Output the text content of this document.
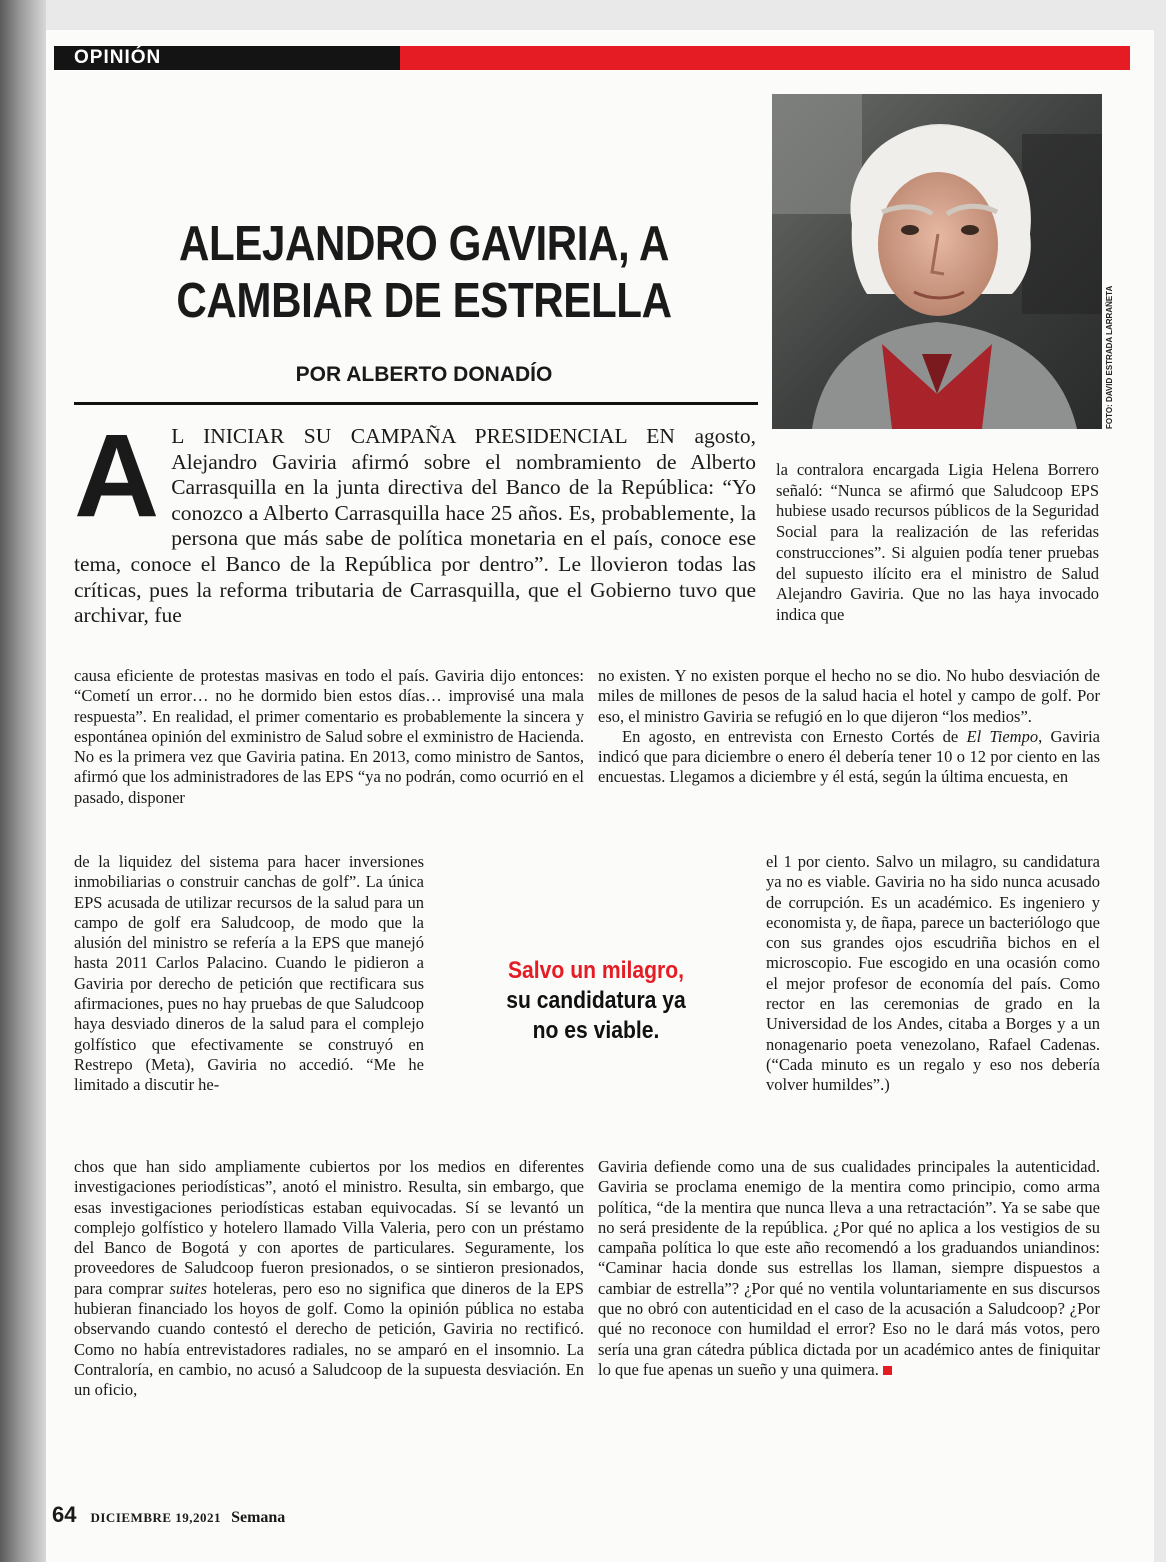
OPINIÓN
FOTO: DAVID ESTRADA LARRAÑETA
ALEJANDRO GAVIRIA, A
CAMBIAR DE ESTRELLA

POR ALBERTO DONADÍO

A L INICIAR SU CAMPAÑA PRESIDENCIAL EN agosto, Alejandro Gaviria afirmó sobre el nombramiento de Alberto Carrasquilla en la junta directiva del Banco de la República: “Yo conozco a Alberto Carrasquilla hace 25 años. Es, probablemente, la persona que más sabe de política monetaria en el país, conoce ese tema, conoce el Banco de la República por dentro”. Le llovieron todas las críticas, pues la reforma tributaria de Carrasquilla, que el Gobierno tuvo que archivar, fue

la contralora encargada Ligia Helena Borrero señaló: “Nunca se afirmó que Saludcoop EPS hubiese usado recursos públicos de la Seguridad Social para la realización de las referidas construcciones”. Si alguien podía tener pruebas del supuesto ilícito era el ministro de Salud Alejandro Gaviria. Que no las haya invocado indica que

causa eficiente de protestas masivas en todo el país. Gaviria dijo entonces: “Cometí un error… no he dormido bien estos días… improvisé una mala respuesta”. En realidad, el primer comentario es probablemente la sincera y espontánea opinión del exministro de Salud sobre el exministro de Hacienda. No es la primera vez que Gaviria patina. En 2013, como ministro de Santos, afirmó que los administradores de las EPS “ya no podrán, como ocurrió en el pasado, disponer

no existen. Y no existen porque el hecho no se dio. No hubo desviación de miles de millones de pesos de la salud hacia el hotel y campo de golf. Por eso, el ministro Gaviria se refugió en lo que dijeron “los medios”.
En agosto, en entrevista con Ernesto Cortés de El Tiempo, Gaviria indicó que para diciembre o enero él debería tener 10 o 12 por ciento en las encuestas. Llegamos a diciembre y él está, según la última encuesta, en

de la liquidez del sistema para hacer inversiones inmobiliarias o construir canchas de golf”. La única EPS acusada de utilizar recursos de la salud para un campo de golf era Saludcoop, de modo que la alusión del ministro se refería a la EPS que manejó hasta 2011 Carlos Palacino. Cuando le pidieron a Gaviria por derecho de petición que rectificara sus afirmaciones, pues no hay pruebas de que Saludcoop haya desviado dineros de la salud para el complejo golfístico que efectivamente se construyó en Restrepo (Meta), Gaviria no accedió. “Me he limitado a discutir he-

Salvo un milagro,
su candidatura ya
no es viable.

el 1 por ciento. Salvo un milagro, su candidatura ya no es viable. Gaviria no ha sido nunca acusado de corrupción. Es un académico. Es ingeniero y economista y, de ñapa, parece un bacteriólogo que con sus grandes ojos escudriña bichos en el microscopio. Fue escogido en una ocasión como el mejor profesor de economía del país. Como rector en las ceremonias de grado en la Universidad de los Andes, citaba a Borges y a un nonagenario poeta venezolano, Rafael Cadenas. (“Cada minuto es un regalo y eso nos debería volver humildes”.)

chos que han sido ampliamente cubiertos por los medios en diferentes investigaciones periodísticas”, anotó el ministro. Resulta, sin embargo, que esas investigaciones periodísticas estaban equivocadas. Sí se levantó un complejo golfístico y hotelero llamado Villa Valeria, pero con un préstamo del Banco de Bogotá y con aportes de particulares. Seguramente, los proveedores de Saludcoop fueron presionados, o se sintieron presionados, para comprar suites hoteleras, pero eso no significa que dineros de la EPS hubieran financiado los hoyos de golf. Como la opinión pública no estaba observando cuando contestó el derecho de petición, Gaviria no rectificó. Como no había entrevistadores radiales, no se amparó en el insomnio. La Contraloría, en cambio, no acusó a Saludcoop de la supuesta desviación. En un oficio,

Gaviria defiende como una de sus cualidades principales la autenticidad. Gaviria se proclama enemigo de la mentira como principio, como arma política, “de la mentira que nunca lleva a una retractación”. Ya se sabe que no será presidente de la república. ¿Por qué no aplica a los vestigios de su campaña política lo que este año recomendó a los graduandos uniandinos: “Caminar hacia donde sus estrellas los llaman, siempre dispuestos a cambiar de estrella”? ¿Por qué no ventila voluntariamente en sus discursos que no obró con autenticidad en el caso de la acusación a Saludcoop? ¿Por qué no reconoce con humildad el error? Eso no le dará más votos, pero sería una gran cátedra pública dictada por un académico antes de finiquitar lo que fue apenas un sueño y una quimera.

64 DICIEMBRE 19,2021 Semana
